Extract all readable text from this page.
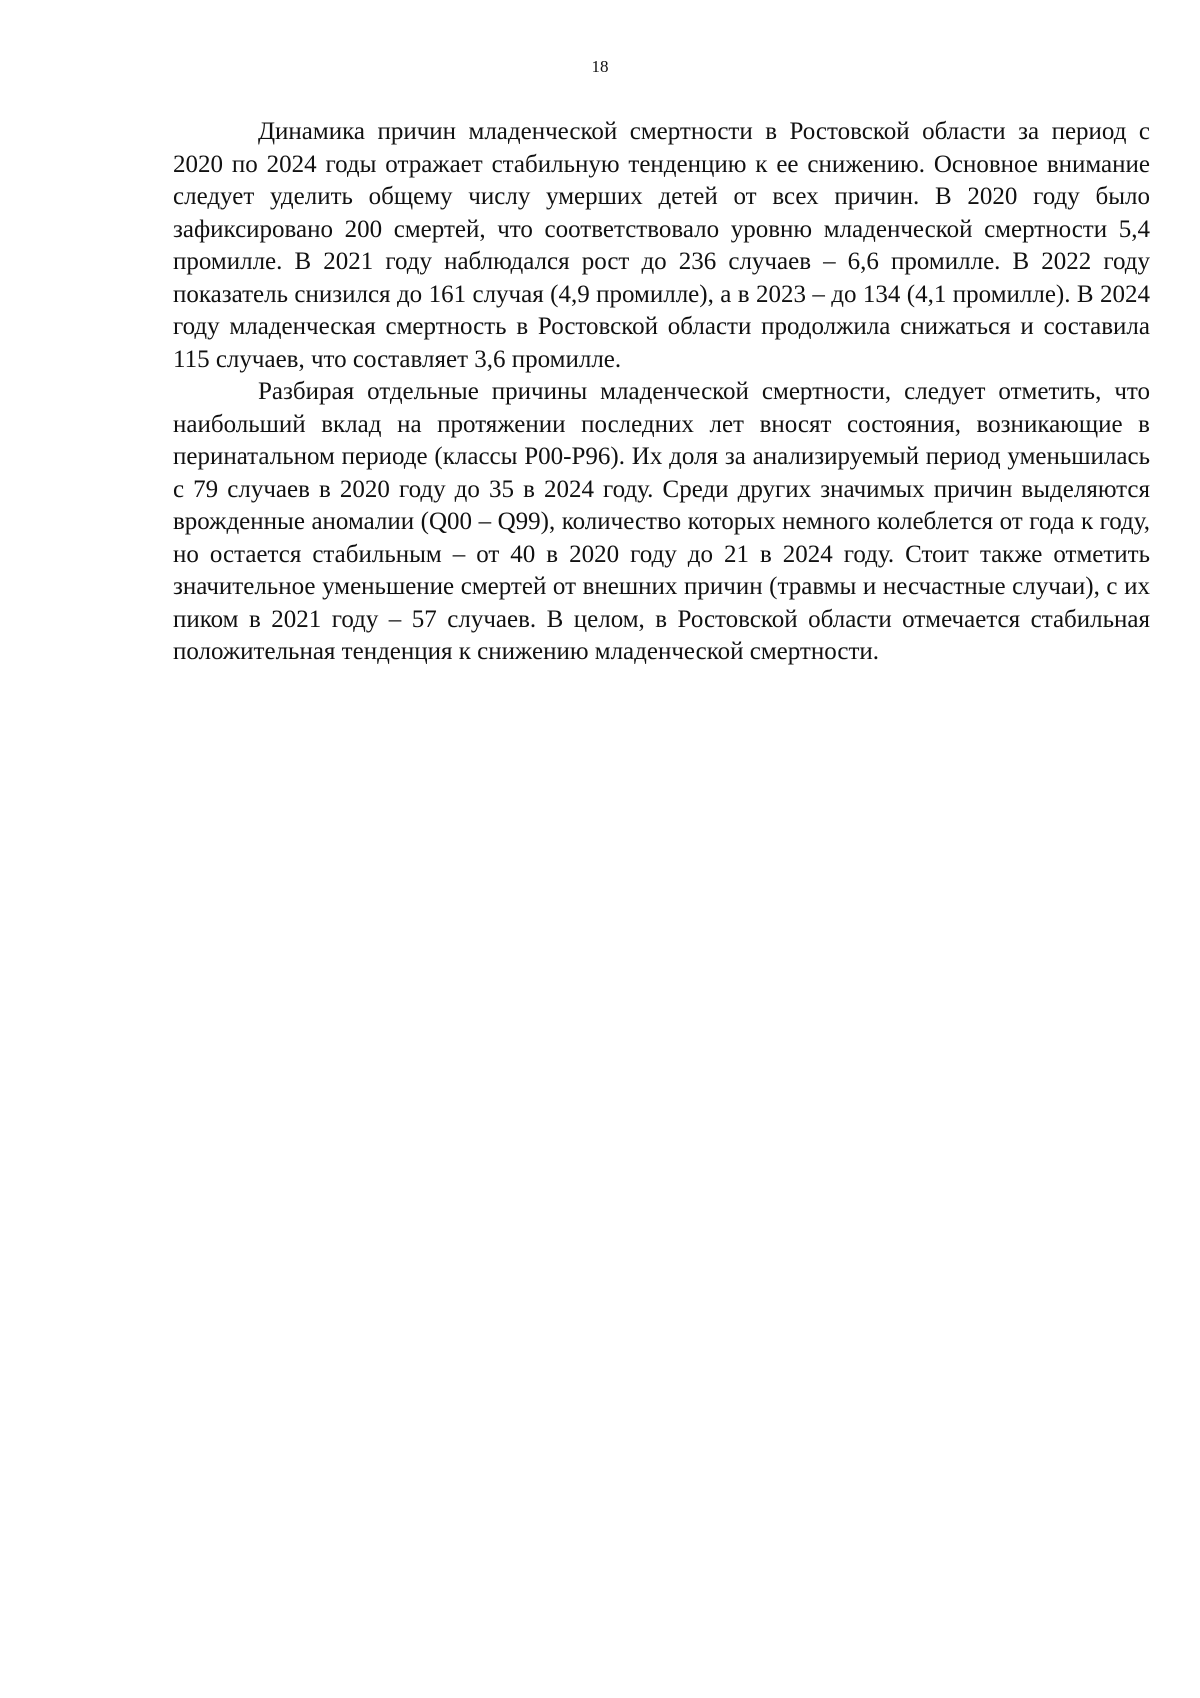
18

Динамика причин младенческой смертности в Ростовской области за период с 2020 по 2024 годы отражает стабильную тенденцию к ее снижению. Основное внимание следует уделить общему числу умерших детей от всех причин. В 2020 году было зафиксировано 200 смертей, что соответствовало уровню младенческой смертности 5,4 промилле. В 2021 году наблюдался рост до 236 случаев – 6,6 промилле. В 2022 году показатель снизился до 161 случая (4,9 промилле), а в 2023 – до 134 (4,1 промилле). В 2024 году младенческая смертность в Ростовской области продолжила снижаться и составила 115 случаев, что составляет 3,6 промилле.

Разбирая отдельные причины младенческой смертности, следует отметить, что наибольший вклад на протяжении последних лет вносят состояния, возникающие в перинатальном периоде (классы P00-P96). Их доля за анализируемый период уменьшилась с 79 случаев в 2020 году до 35 в 2024 году. Среди других значимых причин выделяются врожденные аномалии (Q00 – Q99), количество которых немного колеблется от года к году, но остается стабильным – от 40 в 2020 году до 21 в 2024 году. Стоит также отметить значительное уменьшение смертей от внешних причин (травмы и несчастные случаи), с их пиком в 2021 году – 57 случаев. В целом, в Ростовской области отмечается стабильная положительная тенденция к снижению младенческой смертности.
